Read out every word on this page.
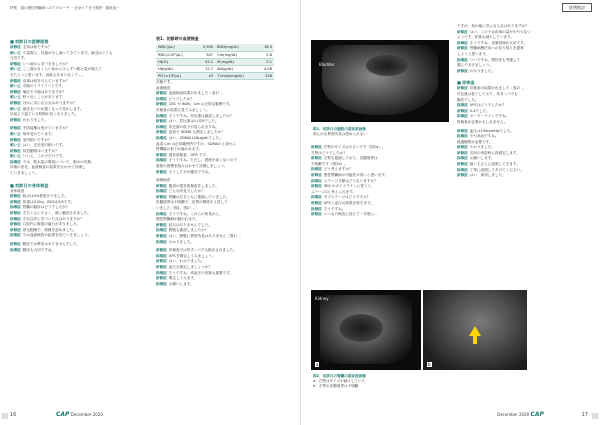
特集　猫の慢性腎臓病へのアプローチ －全身ケアまで視野・徹底追－
■ 初診日の医療面接
研修医 主訴は何ですか？
飼い主 少量飲み、体重が少し減ってきています。最近はとても
元気です。
研修医 いつ頃から気づきましたか？
飼い主 ここ数か月くらい前から少しずつ飲む量が増えて
きたように思います。食欲もあまりなくて…。
研修医 食事は何を与えていますか？
飼い主 市販のドライフードです。
研修医 嘔吐や下痢はありますか？
飼い主 時々吐くことがあります。
研修医 ほかに気になる点はありますか？
飼い主 最近毛づやが悪くなった気がします。
以前より寝ている時間が長くなりました。
研修医 わかりました。
研修医 予防接種は受けていますか？
飼い主 毎年受けています。
研修医 室内飼いですか？
飼い主 はい、完全室内飼いです。
研修医 同居動物はいますか？
飼い主 いいえ、この子だけです。
指導医 では、飲水量の増加について、脱水の有無、
体重の変化、血液検査の結果を合わせて評価し
ていきましょう。
■ 初診日の身体検査
身体検査
研修医 脱水は5%程度ありました。
研修医 体重は3.2kg、BCSは2/5です。
指導医 腎臓の触診はどうでしたか？
研修医 左右ともに小さく、硬く触知されました。
指導医 それ以外に気づいた点はありますか？
研修医 口腔内に軽度の歯石がありました。
研修医 被毛粗剛で、削痩を認めました。
指導医 では血液検査の結果を見ていきましょう。
研修医 聴診では異常はありませんでした。
指導医 聴診も大切ですね。
表1．初診時の血液検査
WBC(/μL)	5,900	BUN(mg/dL)	18.9
RBC(×10⁶/μL)	947	Cre(mg/dL)	0.8
Ht(%)	42.1	IP(mg/dL)	3.1
Hb(g/dL)	12.7	Alb(g/dL)	4.06
PLT(×10⁴/μL)	43	T-cholo(mg/dL)	256
状態です。
血液検査
研修医 血液検査結果が出ました（表1）。
指導医 どうでしたか？
研修医 CBC や BUN、Cre は正常な範囲です。
尿検査の結果も見てみましょう。
指導医 そうですね。尿比重は確認しましたか？
研修医 はい、尿比重は1.020でした。
指導医 尿比重の低下が見られますね。
研修医 追加で SDMA も測定しましたか？
指導医 はい、SDMAは18μg/dLでした。
血清 Cre は正常範囲内ですが、SDMAの上昇から
腎機能の低下が疑われます。
研修医 超音波検査、GFR です。
指導医 そうですね。ただし、感度が高くないので
複数の指標を組み合わせて評価しましょう。
研修医 そうした方が確実ですね。
画像検査
研修医 腹部の超音波検査をしました。
指導医 どんな所見でしたか？
研修医 腎臓は左右ともに萎縮していました。
皮髄境界は不明瞭で、皮質の輝度が上昇して
いました（図1、図2）。
指導医 そうですね。これらの所見から、
慢性腎臓病が疑われます。
研修医 結石はありませんでした。
指導医 膀胱も確認しましたか？
研修医 はい、膀胱に異常所見はありません（図1）。
指導医 わかりました。
研修医 尿検査では尿タンパクも検出されました。
指導医 UPCを測定してみましょう。
研修医 はい、わかりました。
研修医 血圧も測定しましょうか？
指導医 そうですね、高血圧の有無も重要です。
研修医 測定してみます。
指導医 お願いします。
16	CAP December 2020
症例検討
Bladder
図1．初診日の膀胱の超音波画像
明らかな異常所見は認められない
研修医 右腎のサイズは小さいです（図2a）。
左腎はどうでしたか？
研修医 左腎も萎縮しており、皮髄境界は
不明瞭です（図2b）。
指導医 どう考えますか？
研修医 慢性腎臓病の可能性が高いと思います。
指導医 ステージ分類はどうなりますか？
研修医 IRIS のガイドラインに従うと、
ステージ2と考えられます。
指導医 サブステージはどうですか？
研修医 UPCと血圧の結果を待ちます。
指導医 そうですね。
研修医 いつもの検査に加えて一年後に…
Kidney
a	b
図2．初診日の腎臓の超音波画像
a：右腎はサイズが減少していた
b：左腎の皮髄境界は不明瞭
ですが、何か他に気になる点はありますか？
研修医 はい、この子は食事の量がやや少ない
ようです。体重も減少しています。
指導医 そうですね、食事管理が大切です。
研修医 腎臓病療法食への切り替えを提案
しようと思います。
指導医 いいですね。嗜好性も考慮して
選んであげましょう。
研修医 わかりました。
■ 尿検査
研修医 尿検査の結果が出ました（表2）。
尿比重は低下しており、尿タンパクも
陽性でした。
指導医 UPCはどうでしたか？
研修医 0.4でした。
指導医 ボーダーラインですね。
再検査が必要かもしれません。
研修医 血圧は150mmHgでした。
指導医 やや高めですね。
経過観察が必要です。
研修医 わかりました。
研修医 次回の来院時に再測定します。
指導医 お願いします。
研修医 飼い主さんに説明してきます。
指導医 丁寧に説明してあげてください。
研修医 はい、承知しました。
December 2020 CAP	17
